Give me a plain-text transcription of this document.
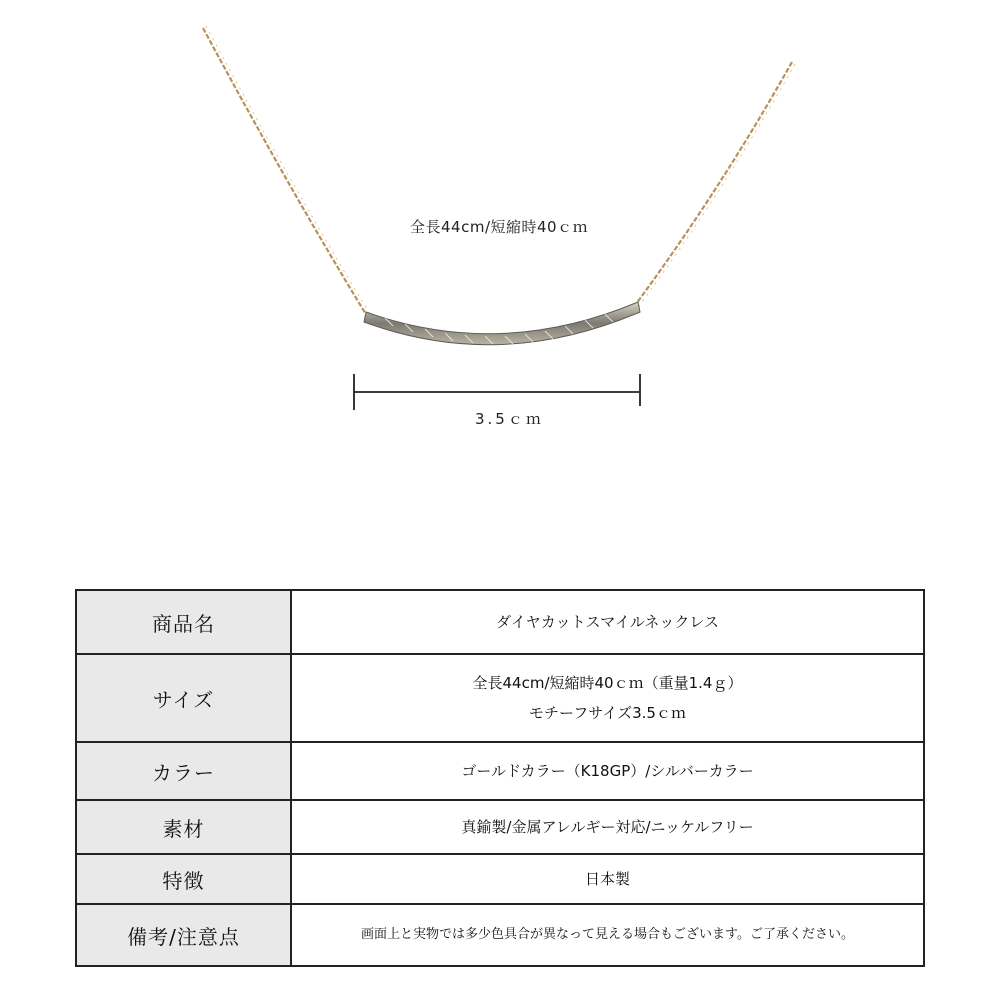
全長44cm/短縮時40ｃｍ
3.5ｃｍ
商品名	ダイヤカットスマイルネックレス

サイズ	全長44cm/短縮時40ｃｍ（重量1.4ｇ）
モチーフサイズ3.5ｃｍ

カラー	ゴールドカラー（K18GP）/シルバーカラー

素材	真鍮製/金属アレルギー対応/ニッケルフリー

特徴	日本製

備考/注意点	画面上と実物では多少色具合が異なって見える場合もございます。ご了承ください。
